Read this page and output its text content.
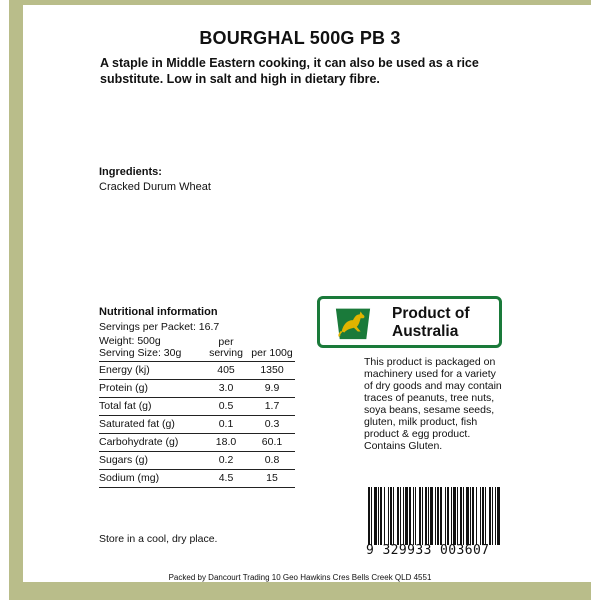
BOURGHAL 500G PB 3
A staple in Middle Eastern cooking, it can also be used as a rice substitute. Low in salt and high in dietary fibre.
Ingredients:
Cracked Durum Wheat
Nutritional information
Servings per Packet: 16.7
Weight: 500g
Serving Size: 30g
per serving per 100g
Energy (kj)	405	1350
Protein (g)	3.0	9.9
Total fat (g)	0.5	1.7
Saturated fat (g)	0.1	0.3
Carbohydrate (g)	18.0	60.1
Sugars (g)	0.2	0.8
Sodium (mg)	4.5	15
Product of
Australia
This product is packaged on machinery used for a variety of dry goods and may contain traces of peanuts, tree nuts, soya beans, sesame seeds, gluten, milk product, fish product & egg product. Contains Gluten.
Store in a cool, dry place.
9 329933 003607
Packed by Dancourt Trading 10 Geo Hawkins Cres Bells Creek QLD 4551
